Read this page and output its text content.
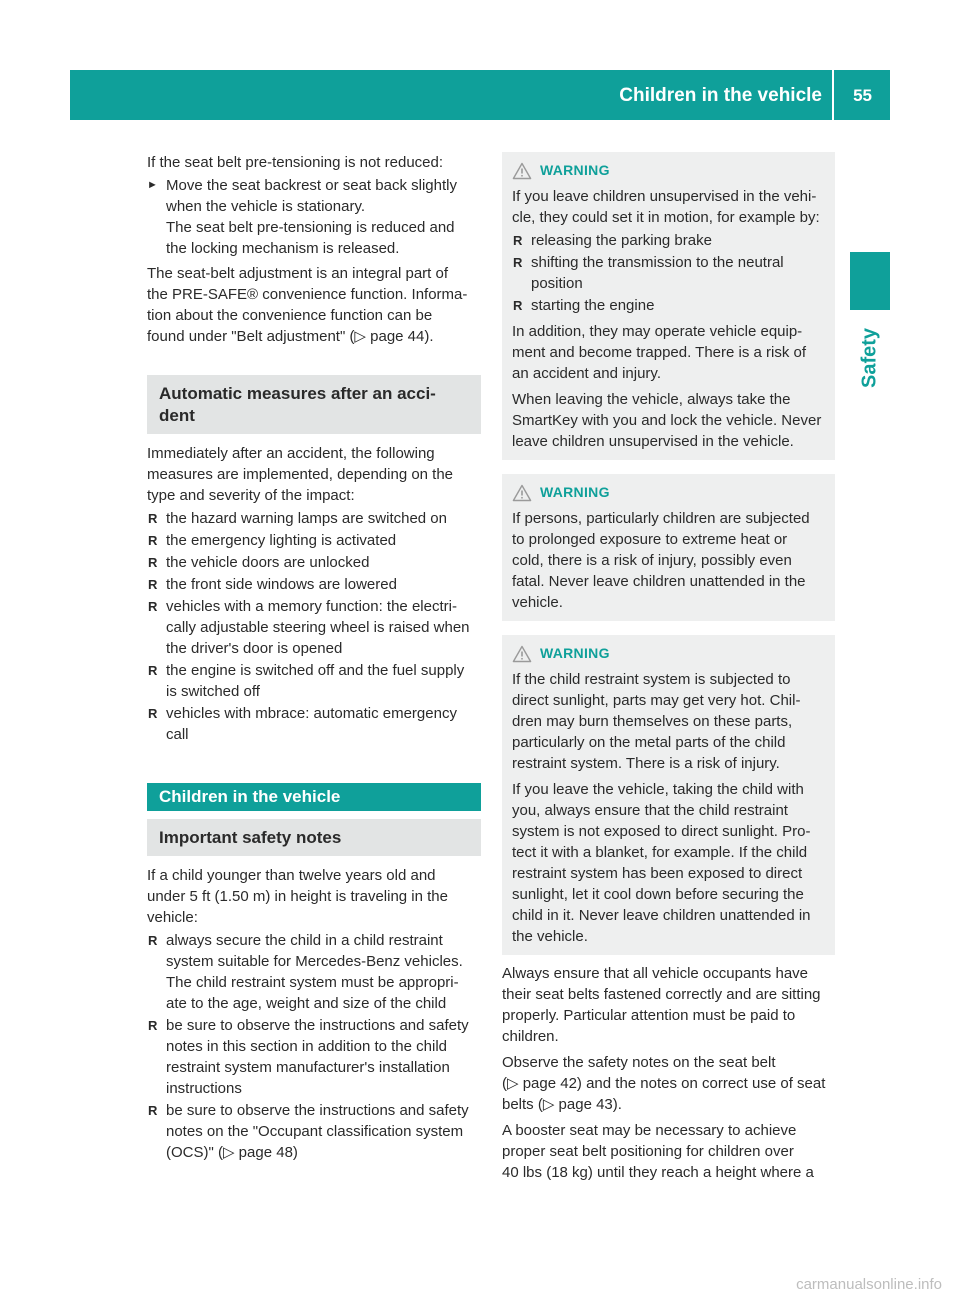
Children in the vehicle 55
Safety

If the seat belt pre-tensioning is not reduced:

► Move the seat backrest or seat back slightly
when the vehicle is stationary.
The seat belt pre-tensioning is reduced and
the locking mechanism is released.

The seat-belt adjustment is an integral part of
the PRE-SAFE® convenience function. Informa-
tion about the convenience function can be
found under "Belt adjustment" (▷ page 44).

Automatic measures after an acci-
dent

Immediately after an accident, the following
measures are implemented, depending on the
type and severity of the impact:

R the hazard warning lamps are switched on
R the emergency lighting is activated
R the vehicle doors are unlocked
R the front side windows are lowered
R vehicles with a memory function: the electri-
cally adjustable steering wheel is raised when
the driver's door is opened
R the engine is switched off and the fuel supply
is switched off
R vehicles with mbrace: automatic emergency
call
Children in the vehicle
Important safety notes

If a child younger than twelve years old and
under 5 ft (1.50 m) in height is traveling in the
vehicle:

R always secure the child in a child restraint
system suitable for Mercedes-Benz vehicles.
The child restraint system must be appropri-
ate to the age, weight and size of the child
R be sure to observe the instructions and safety
notes in this section in addition to the child
restraint system manufacturer's installation
instructions
R be sure to observe the instructions and safety
notes on the "Occupant classification system
(OCS)" (▷ page 48)
WARNING

If you leave children unsupervised in the vehi-
cle, they could set it in motion, for example by:

R releasing the parking brake
R shifting the transmission to the neutral
position
R starting the engine

In addition, they may operate vehicle equip-
ment and become trapped. There is a risk of
an accident and injury.

When leaving the vehicle, always take the
SmartKey with you and lock the vehicle. Never
leave children unsupervised in the vehicle.

WARNING

If persons, particularly children are subjected
to prolonged exposure to extreme heat or
cold, there is a risk of injury, possibly even
fatal. Never leave children unattended in the
vehicle.

WARNING

If the child restraint system is subjected to
direct sunlight, parts may get very hot. Chil-
dren may burn themselves on these parts,
particularly on the metal parts of the child
restraint system. There is a risk of injury.

If you leave the vehicle, taking the child with
you, always ensure that the child restraint
system is not exposed to direct sunlight. Pro-
tect it with a blanket, for example. If the child
restraint system has been exposed to direct
sunlight, let it cool down before securing the
child in it. Never leave children unattended in
the vehicle.

Always ensure that all vehicle occupants have
their seat belts fastened correctly and are sitting
properly. Particular attention must be paid to
children.

Observe the safety notes on the seat belt
(▷ page 42) and the notes on correct use of seat
belts (▷ page 43).

A booster seat may be necessary to achieve
proper seat belt positioning for children over
40 lbs (18 kg) until they reach a height where a

carmanualsonline.info
